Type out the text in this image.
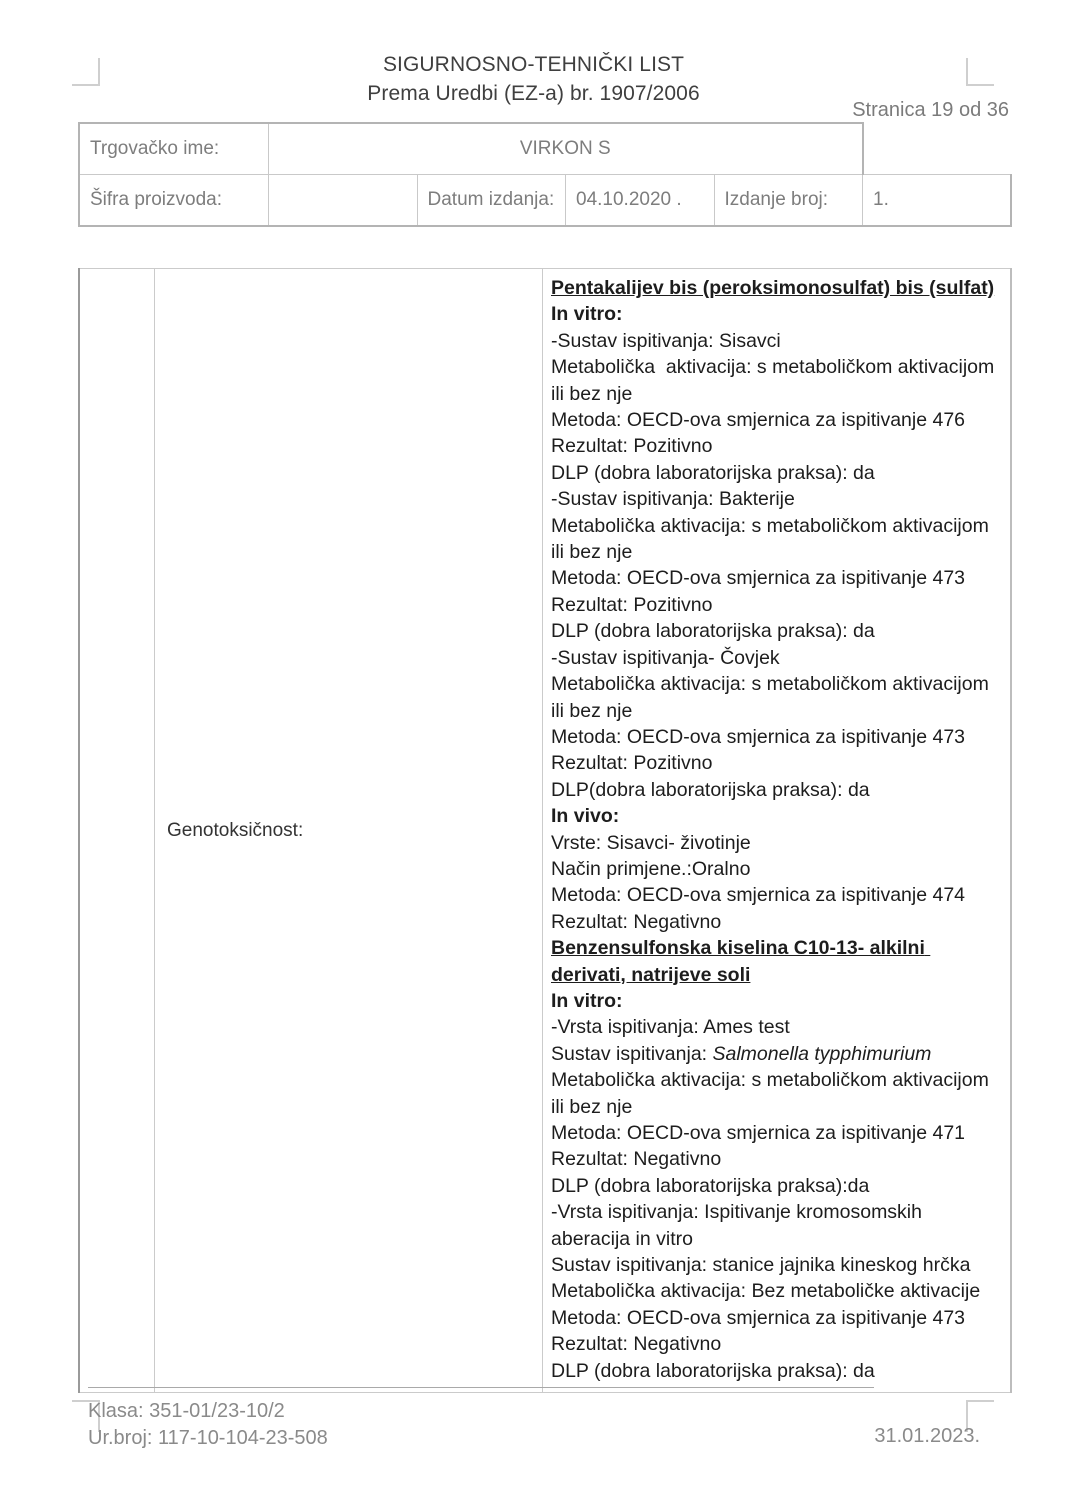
SIGURNOSNO-TEHNIČKI LIST
Prema Uredbi (EZ-a) br. 1907/2006
Stranica 19 od 36
Trgovačko ime:	VIRKON S				
Šifra proizvoda:		Datum izdanja:	04.10.2020 .	Izdanje broj:	1.
	Genotoksičnost:	
Pentakalijev bis (peroksimonosulfat) bis (sulfat)
In vitro:
-Sustav ispitivanja: Sisavci
Metabolička  aktivacija: s metaboličkom aktivacijom ili bez nje
Metoda: OECD-ova smjernica za ispitivanje 476
Rezultat: Pozitivno
DLP (dobra laboratorijska praksa): da
-Sustav ispitivanja: Bakterije
Metabolička aktivacija: s metaboličkom aktivacijom ili bez nje
Metoda: OECD-ova smjernica za ispitivanje 473
Rezultat: Pozitivno
DLP (dobra laboratorijska praksa): da
-Sustav ispitivanja- Čovjek
Metabolička aktivacija: s metaboličkom aktivacijom ili bez nje
Metoda: OECD-ova smjernica za ispitivanje 473
Rezultat: Pozitivno
DLP(dobra laboratorijska praksa): da
In vivo:
Vrste: Sisavci- životinje
Način primjene.:Oralno
Metoda: OECD-ova smjernica za ispitivanje 474
Rezultat: Negativno
Benzensulfonska kiselina C10-13- alkilni derivati, natrijeve soli
In vitro:
-Vrsta ispitivanja: Ames test
Sustav ispitivanja: Salmonella typphimurium
Metabolička aktivacija: s metaboličkom aktivacijom ili bez nje
Metoda: OECD-ova smjernica za ispitivanje 471
Rezultat: Negativno
DLP (dobra laboratorijska praksa):da
-Vrsta ispitivanja: Ispitivanje kromosomskih aberacija in vitro
Sustav ispitivanja: stanice jajnika kineskog hrčka
Metabolička aktivacija: Bez metaboličke aktivacije
Metoda: OECD-ova smjernica za ispitivanje 473
Rezultat: Negativno
DLP (dobra laboratorijska praksa): da
Klasa: 351-01/23-10/2
Ur.broj: 117-10-104-23-508	31.01.2023.
